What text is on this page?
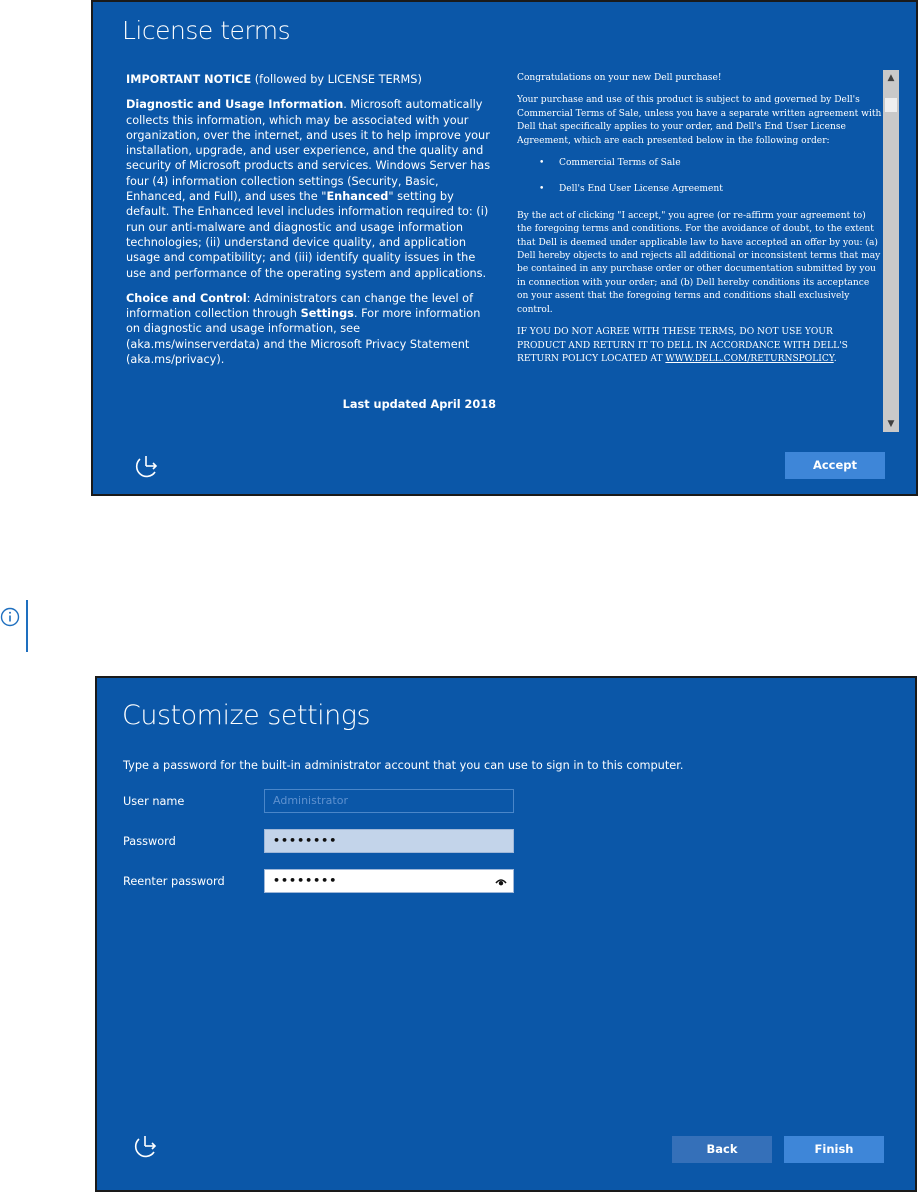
License terms

IMPORTANT NOTICE (followed by LICENSE TERMS)

Diagnostic and Usage Information. Microsoft automatically collects this information, which may be associated with your organization, over the internet, and uses it to help improve your installation, upgrade, and user experience, and the quality and security of Microsoft products and services. Windows Server has four (4) information collection settings (Security, Basic, Enhanced, and Full), and uses the "Enhanced" setting by default. The Enhanced level includes information required to: (i) run our anti-malware and diagnostic and usage information technologies; (ii) understand device quality, and application usage and compatibility; and (iii) identify quality issues in the use and performance of the operating system and applications.

Choice and Control: Administrators can change the level of information collection through Settings. For more information on diagnostic and usage information, see (aka.ms/winserverdata) and the Microsoft Privacy Statement (aka.ms/privacy).

Last updated April 2018

Congratulations on your new Dell purchase!

Your purchase and use of this product is subject to and governed by Dell's Commercial Terms of Sale, unless you have a separate written agreement with Dell that specifically applies to your order, and Dell's End User License Agreement, which are each presented below in the following order:

• Commercial Terms of Sale
• Dell's End User License Agreement

By the act of clicking "I accept," you agree (or re-affirm your agreement to) the foregoing terms and conditions. For the avoidance of doubt, to the extent that Dell is deemed under applicable law to have accepted an offer by you: (a) Dell hereby objects to and rejects all additional or inconsistent terms that may be contained in any purchase order or other documentation submitted by you in connection with your order; and (b) Dell hereby conditions its acceptance on your assent that the foregoing terms and conditions shall exclusively control.

IF YOU DO NOT AGREE WITH THESE TERMS, DO NOT USE YOUR PRODUCT AND RETURN IT TO DELL IN ACCORDANCE WITH DELL'S RETURN POLICY LOCATED AT WWW.DELL.COM/RETURNSPOLICY.

▲
▼
Accept
Customize settings
Type a password for the built-in administrator account that you can use to sign in to this computer.
User name	Administrator
Password	••••••••
Reenter password	••••••••
Back	Finish
